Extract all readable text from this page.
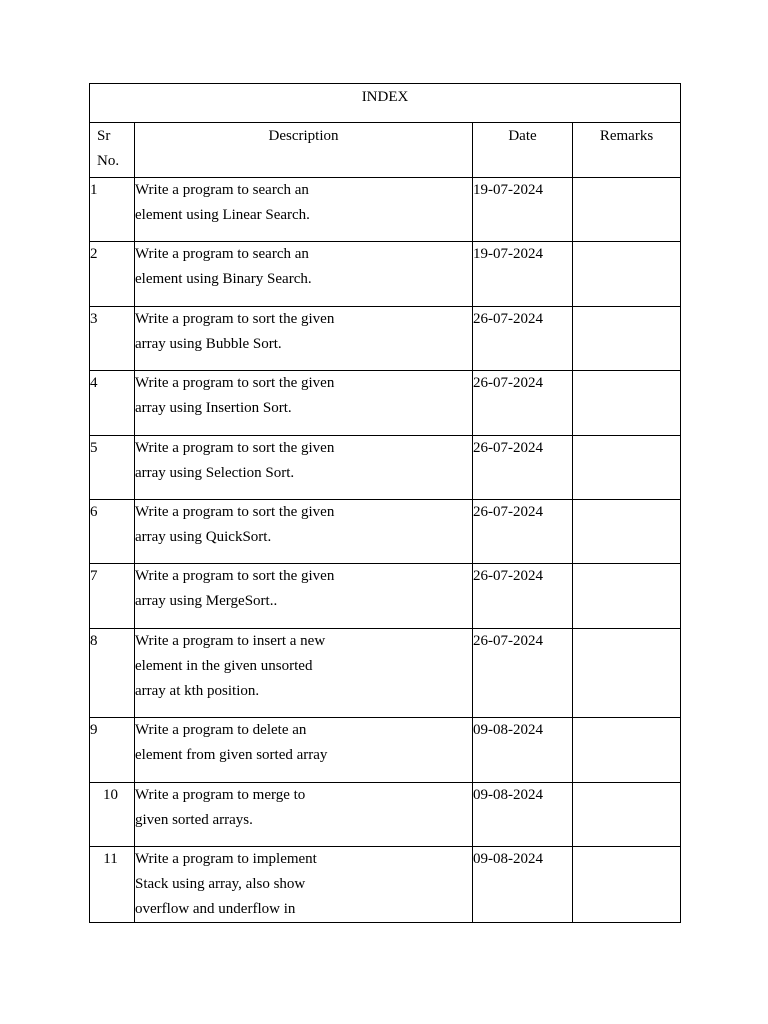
INDEX			

Sr
No.	Description	Date	Remarks
1	Write a program to search an
element using Linear Search.	19-07-2024	
2	Write a program to search an
element using Binary Search.	19-07-2024	
3	Write a program to sort the given
array using Bubble Sort.	26-07-2024	
4	Write a program to sort the given
array using Insertion Sort.	26-07-2024	
5	Write a program to sort the given
array using Selection Sort.	26-07-2024	
6	Write a program to sort the given
array using QuickSort.	26-07-2024	
7	Write a program to sort the given
array using MergeSort..	26-07-2024	
8	Write a program to insert a new
element in the given unsorted
array at kth position.	26-07-2024	
9	Write a program to delete an
element from given sorted array	09-08-2024	
10	Write a program to merge to
given sorted arrays.	09-08-2024	
11	Write a program to implement
Stack using array, also show
overflow and underflow in	09-08-2024	
